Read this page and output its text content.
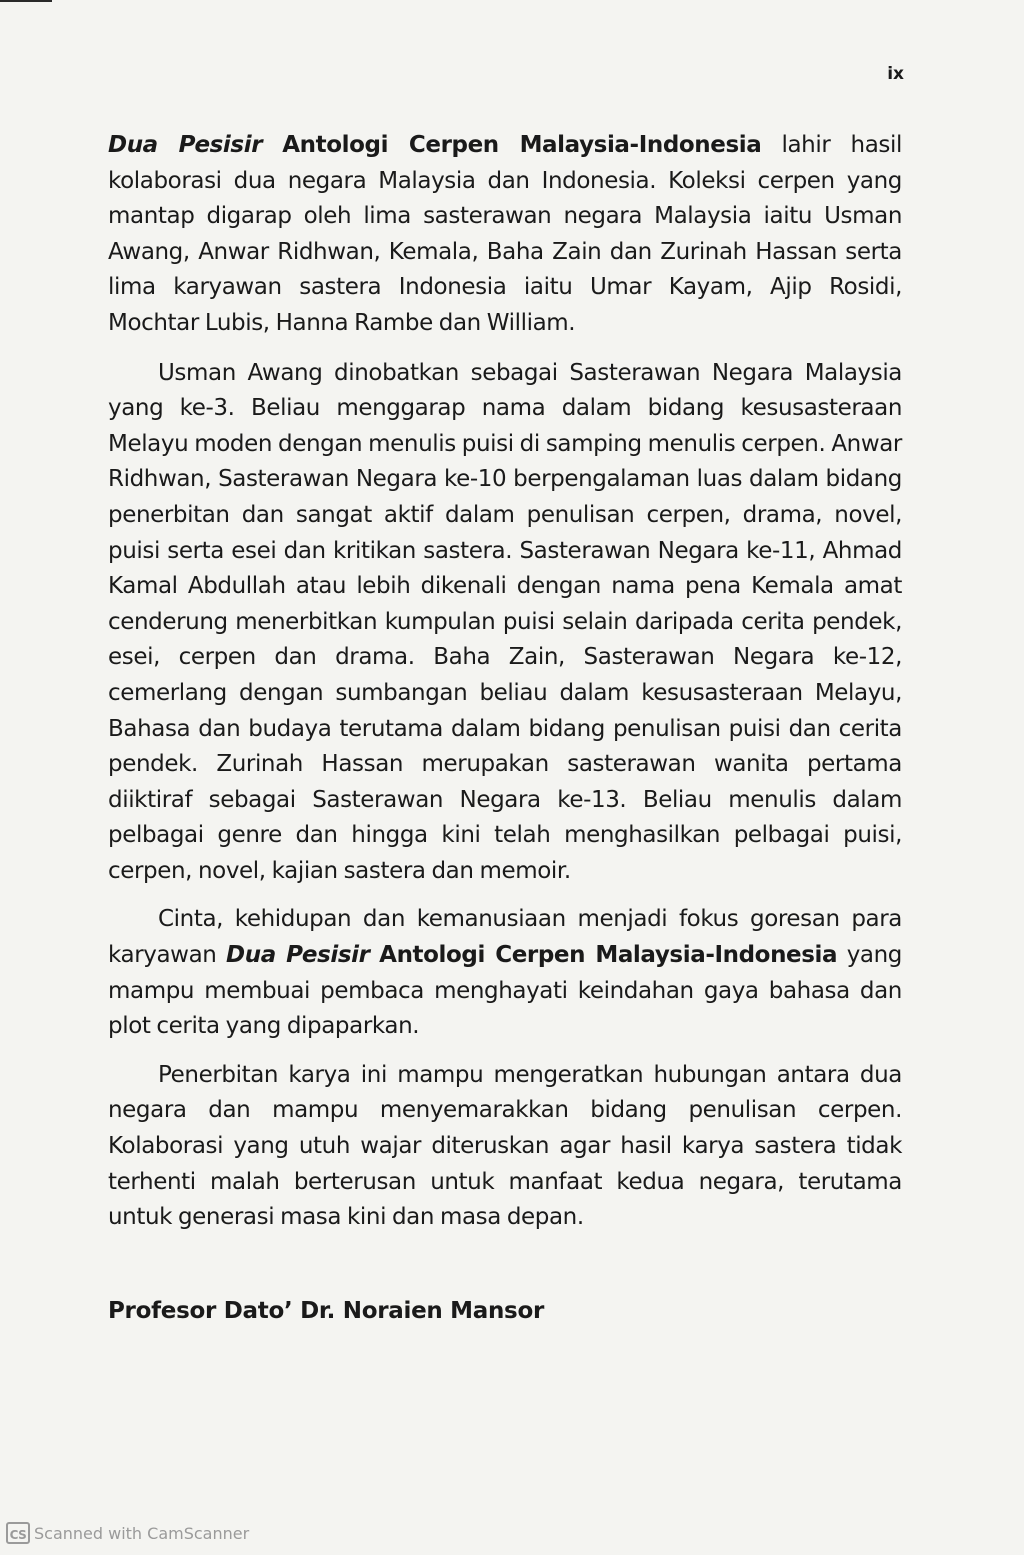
ix

Dua Pesisir Antologi Cerpen Malaysia-Indonesia lahir hasil kolaborasi dua negara Malaysia dan Indonesia. Koleksi cerpen yang mantap digarap oleh lima sasterawan negara Malaysia iaitu Usman Awang, Anwar Ridhwan, Kemala, Baha Zain dan Zurinah Hassan serta lima karyawan sastera Indonesia iaitu Umar Kayam, Ajip Rosidi, Mochtar Lubis, Hanna Rambe dan William.

Usman Awang dinobatkan sebagai Sasterawan Negara Malaysia yang ke-3. Beliau menggarap nama dalam bidang kesusasteraan Melayu moden dengan menulis puisi di samping menulis cerpen. Anwar Ridhwan, Sasterawan Negara ke-10 berpengalaman luas dalam bidang penerbitan dan sangat aktif dalam penulisan cerpen, drama, novel, puisi serta esei dan kritikan sastera. Sasterawan Negara ke-11, Ahmad Kamal Abdullah atau lebih dikenali dengan nama pena Kemala amat cenderung menerbitkan kumpulan puisi selain daripada cerita pendek, esei, cerpen dan drama. Baha Zain, Sasterawan Negara ke-12, cemerlang dengan sumbangan beliau dalam kesusasteraan Melayu, Bahasa dan budaya terutama dalam bidang penulisan puisi dan cerita pendek. Zurinah Hassan merupakan sasterawan wanita pertama diiktiraf sebagai Sasterawan Negara ke-13. Beliau menulis dalam pelbagai genre dan hingga kini telah menghasilkan pelbagai puisi, cerpen, novel, kajian sastera dan memoir.

Cinta, kehidupan dan kemanusiaan menjadi fokus goresan para karyawan Dua Pesisir Antologi Cerpen Malaysia-Indonesia yang mampu membuai pembaca menghayati keindahan gaya bahasa dan plot cerita yang dipaparkan.

Penerbitan karya ini mampu mengeratkan hubungan antara dua negara dan mampu menyemarakkan bidang penulisan cerpen. Kolaborasi yang utuh wajar diteruskan agar hasil karya sastera tidak terhenti malah berterusan untuk manfaat kedua negara, terutama untuk generasi masa kini dan masa depan.

Profesor Dato’ Dr. Noraien Mansor
CS Scanned with CamScanner
